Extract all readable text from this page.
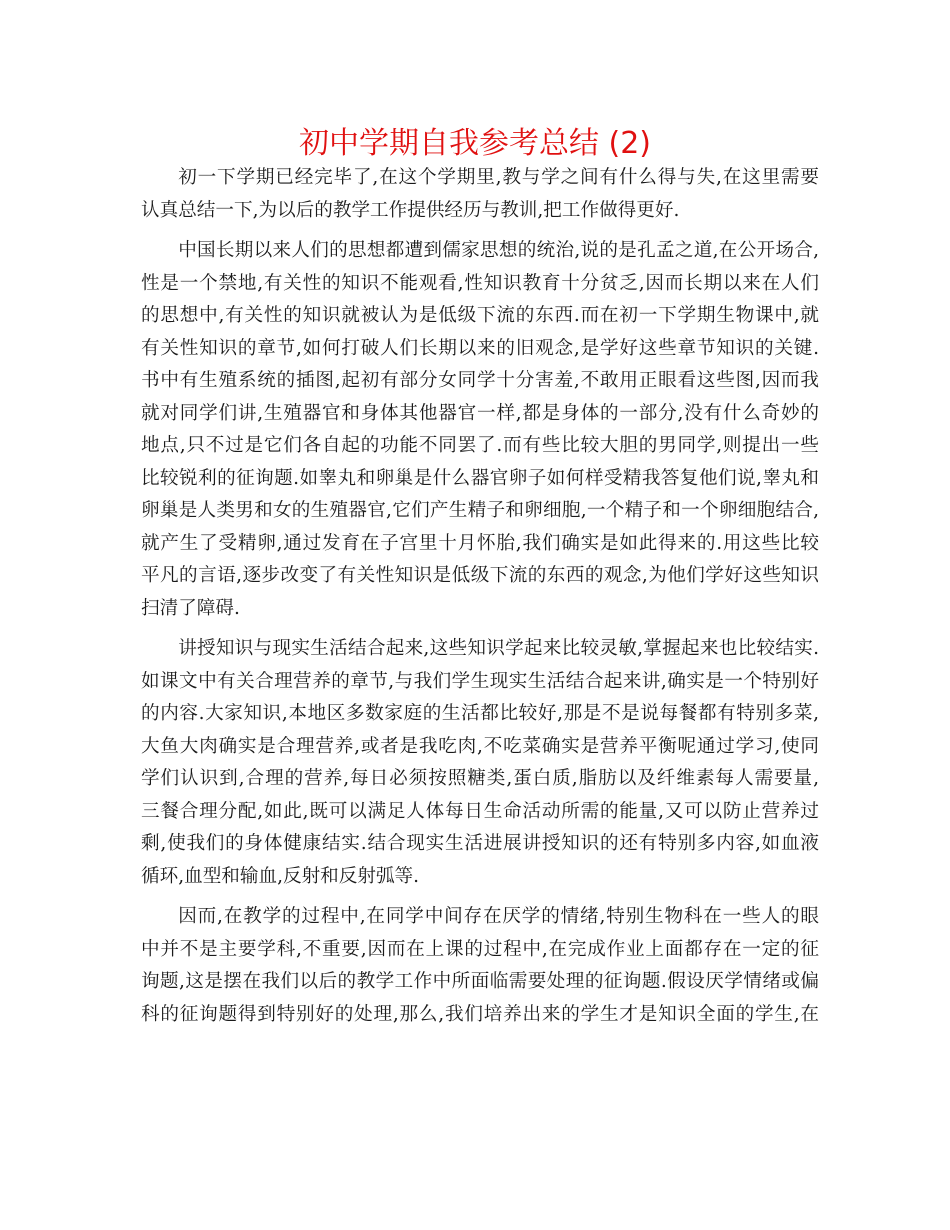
初中学期自我参考总结 (2)

初一下学期已经完毕了,在这个学期里,教与学之间有什么得与失,在这里需要
认真总结一下,为以后的教学工作提供经历与教训,把工作做得更好.

中国长期以来人们的思想都遭到儒家思想的统治,说的是孔孟之道,在公开场合,
性是一个禁地,有关性的知识不能观看,性知识教育十分贫乏,因而长期以来在人们
的思想中,有关性的知识就被认为是低级下流的东西.而在初一下学期生物课中,就
有关性知识的章节,如何打破人们长期以来的旧观念,是学好这些章节知识的关键.
书中有生殖系统的插图,起初有部分女同学十分害羞,不敢用正眼看这些图,因而我
就对同学们讲,生殖器官和身体其他器官一样,都是身体的一部分,没有什么奇妙的
地点,只不过是它们各自起的功能不同罢了.而有些比较大胆的男同学,则提出一些
比较锐利的征询题.如睾丸和卵巢是什么器官卵子如何样受精我答复他们说,睾丸和
卵巢是人类男和女的生殖器官,它们产生精子和卵细胞,一个精子和一个卵细胞结合,
就产生了受精卵,通过发育在子宫里十月怀胎,我们确实是如此得来的.用这些比较
平凡的言语,逐步改变了有关性知识是低级下流的东西的观念,为他们学好这些知识
扫清了障碍.

讲授知识与现实生活结合起来,这些知识学起来比较灵敏,掌握起来也比较结实.
如课文中有关合理营养的章节,与我们学生现实生活结合起来讲,确实是一个特别好
的内容.大家知识,本地区多数家庭的生活都比较好,那是不是说每餐都有特别多菜,
大鱼大肉确实是合理营养,或者是我吃肉,不吃菜确实是营养平衡呢通过学习,使同
学们认识到,合理的营养,每日必须按照糖类,蛋白质,脂肪以及纤维素每人需要量,
三餐合理分配,如此,既可以满足人体每日生命活动所需的能量,又可以防止营养过
剩,使我们的身体健康结实.结合现实生活进展讲授知识的还有特别多内容,如血液
循环,血型和输血,反射和反射弧等.

因而,在教学的过程中,在同学中间存在厌学的情绪,特别生物科在一些人的眼
中并不是主要学科,不重要,因而在上课的过程中,在完成作业上面都存在一定的征
询题,这是摆在我们以后的教学工作中所面临需要处理的征询题.假设厌学情绪或偏
科的征询题得到特别好的处理,那么,我们培养出来的学生才是知识全面的学生,在
